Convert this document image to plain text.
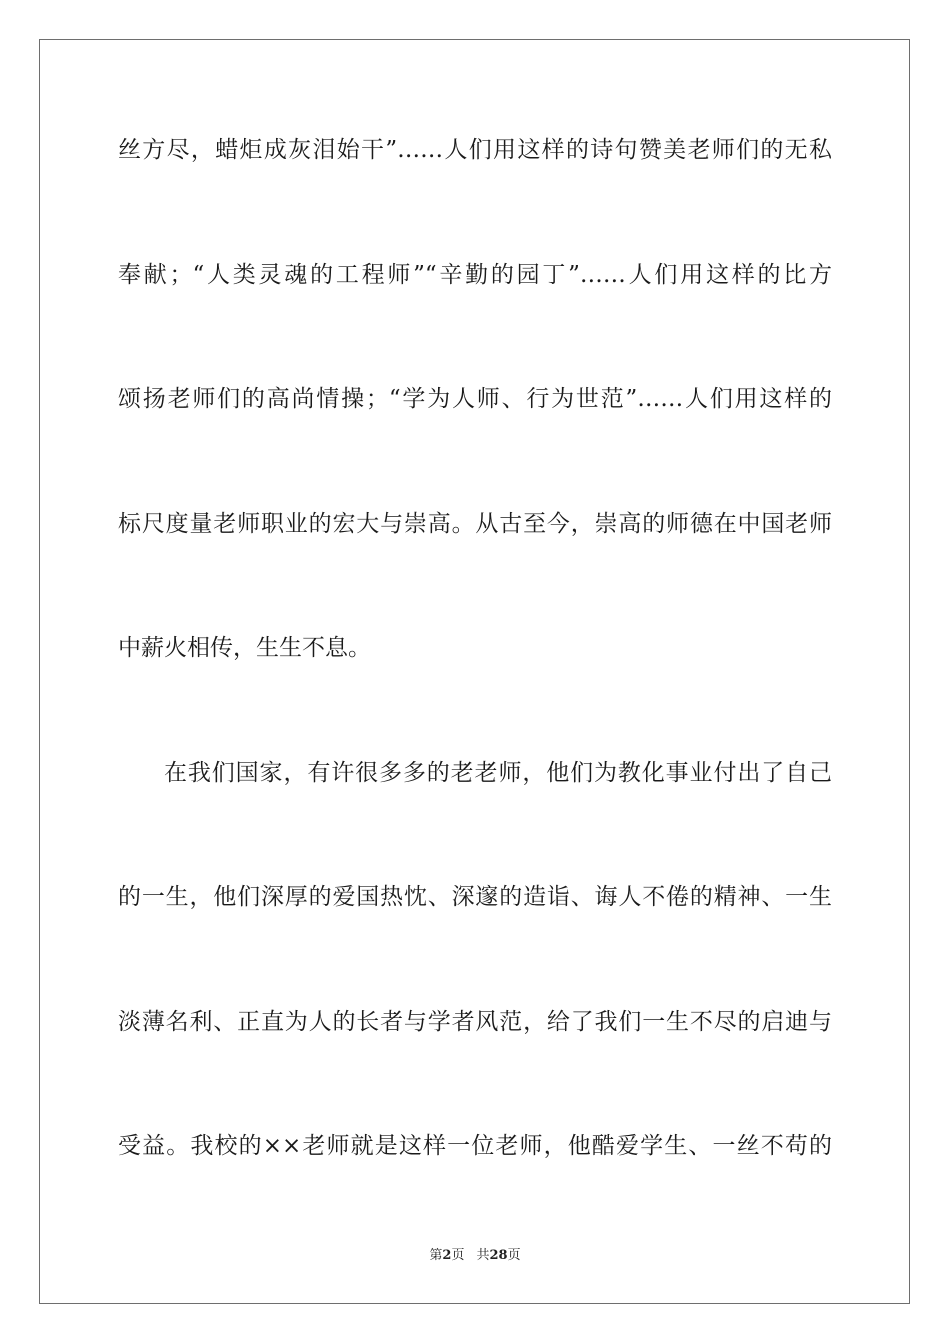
丝方尽，蜡炬成灰泪始干”……人们用这样的诗句赞美老师们的无私
奉献；“人类灵魂的工程师”“辛勤的园丁”……人们用这样的比方
颂扬老师们的高尚情操；“学为人师、行为世范”……人们用这样的
标尺度量老师职业的宏大与崇高。从古至今，崇高的师德在中国老师
中薪火相传，生生不息。
在我们国家，有许很多多的老老师，他们为教化事业付出了自己
的一生，他们深厚的爱国热忱、深邃的造诣、诲人不倦的精神、一生
淡薄名利、正直为人的长者与学者风范，给了我们一生不尽的启迪与
受益。我校的××老师就是这样一位老师，他酷爱学生、一丝不苟的
第2页 共28页
